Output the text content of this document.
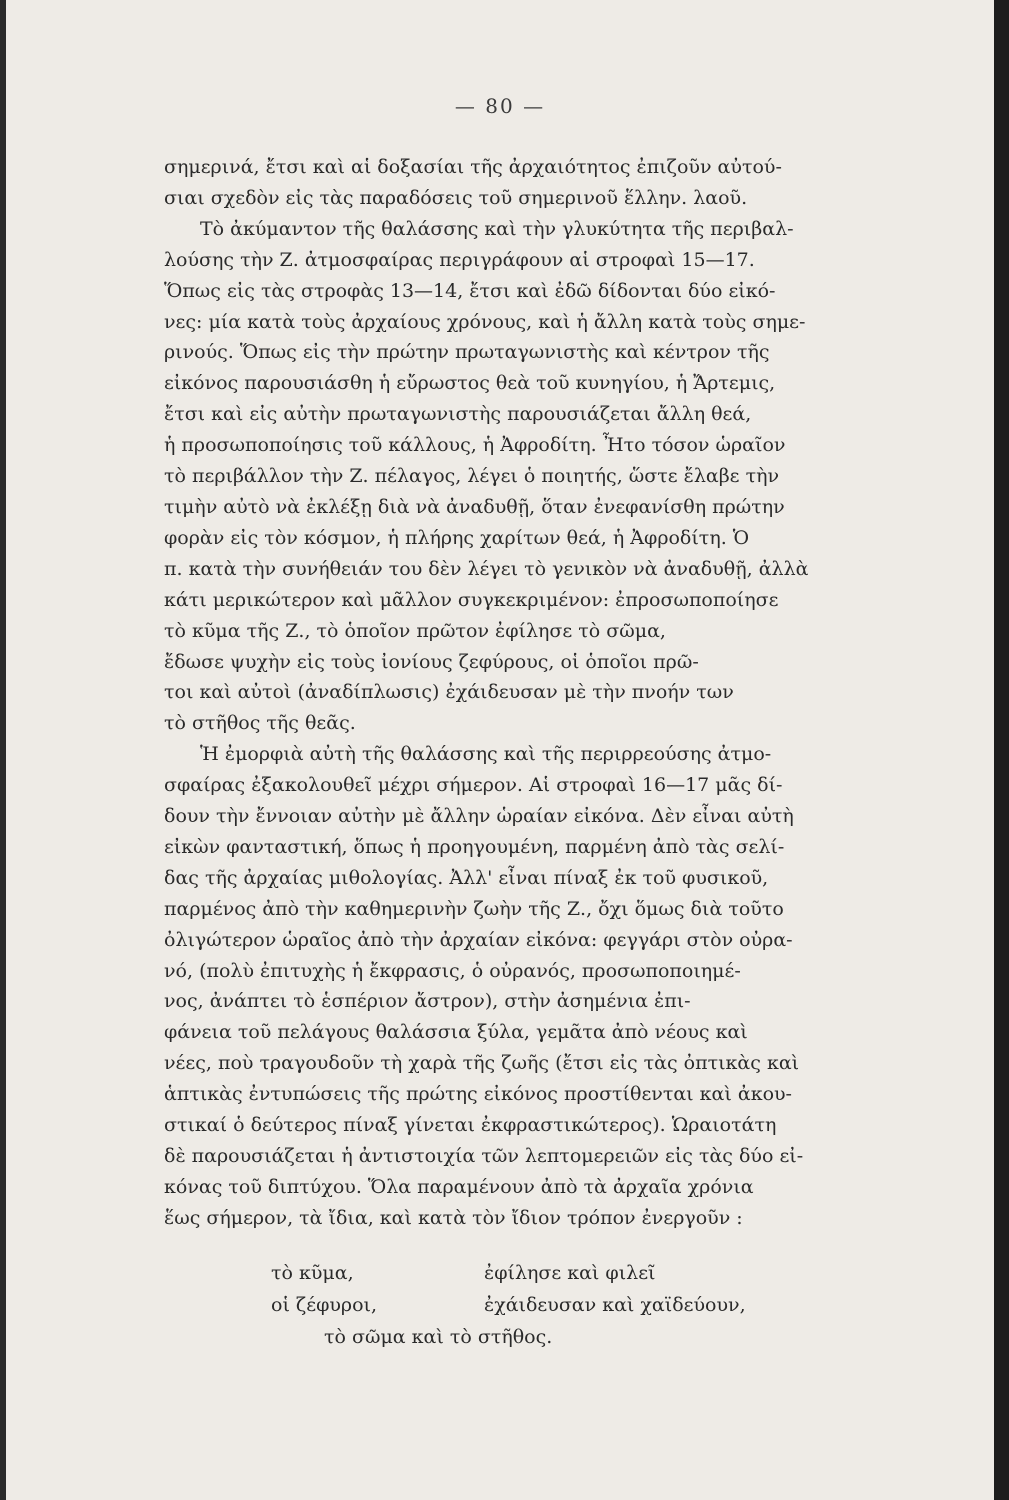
— 80 —
σημερινά, ἔτσι καὶ αἱ δοξασίαι τῆς ἀρχαιότητος ἐπιζοῦν αὐτού-
σιαι σχεδὸν εἰς τὰς παραδόσεις τοῦ σημερινοῦ ἕλλην. λαοῦ.
Τὸ ἀκύμαντον τῆς θαλάσσης καὶ τὴν γλυκύτητα τῆς περιβαλ-
λούσης τὴν Ζ. ἀτμοσφαίρας περιγράφουν αἱ στροφαὶ 15—17.
Ὅπως εἰς τὰς στροφὰς 13—14, ἔτσι καὶ ἐδῶ δίδονται δύο εἰκό-
νες: μία κατὰ τοὺς ἀρχαίους χρόνους, καὶ ἡ ἄλλη κατὰ τοὺς σημε-
ρινούς. Ὅπως εἰς τὴν πρώτην πρωταγωνιστὴς καὶ κέντρον τῆς
εἰκόνος παρουσιάσθη ἡ εὔρωστος θεὰ τοῦ κυνηγίου, ἡ Ἄρτεμις,
ἔτσι καὶ εἰς αὐτὴν πρωταγωνιστὴς παρουσιάζεται ἄλλη θεά,
ἡ προσωποποίησις τοῦ κάλλους, ἡ Ἀφροδίτη. Ἦτο τόσον ὡραῖον
τὸ περιβάλλον τὴν Ζ. πέλαγος, λέγει ὁ ποιητής, ὥστε ἔλαβε τὴν
τιμὴν αὐτὸ νὰ ἐκλέξῃ διὰ νὰ ἀναδυθῇ, ὅταν ἐνεφανίσθη πρώτην
φορὰν εἰς τὸν κόσμον, ἡ πλήρης χαρίτων θεά, ἡ Ἀφροδίτη. Ὁ
π. κατὰ τὴν συνήθειάν του δὲν λέγει τὸ γενικὸν νὰ ἀναδυθῇ, ἀλλὰ
κάτι μερικώτερον καὶ μᾶλλον συγκεκριμένον: ἐπροσωποποίησε
τὸ κῦμα τῆς Ζ., τὸ ὁποῖον πρῶτον ἐφίλησε τὸ σῶμα,
ἔδωσε ψυχὴν εἰς τοὺς ἰονίους ζεφύρους, οἱ ὁποῖοι πρῶ-
τοι καὶ αὐτοὶ (ἀναδίπλωσις) ἐχάιδευσαν μὲ τὴν πνοήν των
τὸ στῆθος τῆς θεᾶς.
Ἡ ἐμορφιὰ αὐτὴ τῆς θαλάσσης καὶ τῆς περιρρεούσης ἀτμο-
σφαίρας ἐξακολουθεῖ μέχρι σήμερον. Αἱ στροφαὶ 16—17 μᾶς δί-
δουν τὴν ἔννοιαν αὐτὴν μὲ ἄλλην ὡραίαν εἰκόνα. Δὲν εἶναι αὐτὴ
εἰκὼν φανταστική, ὅπως ἡ προηγουμένη, παρμένη ἀπὸ τὰς σελί-
δας τῆς ἀρχαίας μιθολογίας. Ἀλλ' εἶναι πίναξ ἐκ τοῦ φυσικοῦ,
παρμένος ἀπὸ τὴν καθημερινὴν ζωὴν τῆς Ζ., ὄχι ὅμως διὰ τοῦτο
ὀλιγώτερον ὡραῖος ἀπὸ τὴν ἀρχαίαν εἰκόνα: φεγγάρι στὸν οὐρα-
νό, (πολὺ ἐπιτυχὴς ἡ ἔκφρασις, ὁ οὐρανός, προσωποποιημέ-
νος, ἀνάπτει τὸ ἑσπέριον ἄστρον), στὴν ἀσημένια ἐπι-
φάνεια τοῦ πελάγους θαλάσσια ξύλα, γεμᾶτα ἀπὸ νέους καὶ
νέες, ποὺ τραγουδοῦν τὴ χαρὰ τῆς ζωῆς (ἔτσι εἰς τὰς ὀπτικὰς καὶ
ἁπτικὰς ἐντυπώσεις τῆς πρώτης εἰκόνος προστίθενται καὶ ἀκου-
στικαί ὁ δεύτερος πίναξ γίνεται ἐκφραστικώτερος). Ὡραιοτάτη
δὲ παρουσιάζεται ἡ ἀντιστοιχία τῶν λεπτομερειῶν εἰς τὰς δύο εἰ-
κόνας τοῦ διπτύχου. Ὅλα παραμένουν ἀπὸ τὰ ἀρχαῖα χρόνια
ἕως σήμερον, τὰ ἴδια, καὶ κατὰ τὸν ἴδιον τρόπον ἐνεργοῦν :
τὸ κῦμα,	ἐφίλησε καὶ φιλεῖ
οἱ ζέφυροι,	ἐχάιδευσαν καὶ χαϊδεύουν,
τὸ σῶμα καὶ τὸ στῆθος.
